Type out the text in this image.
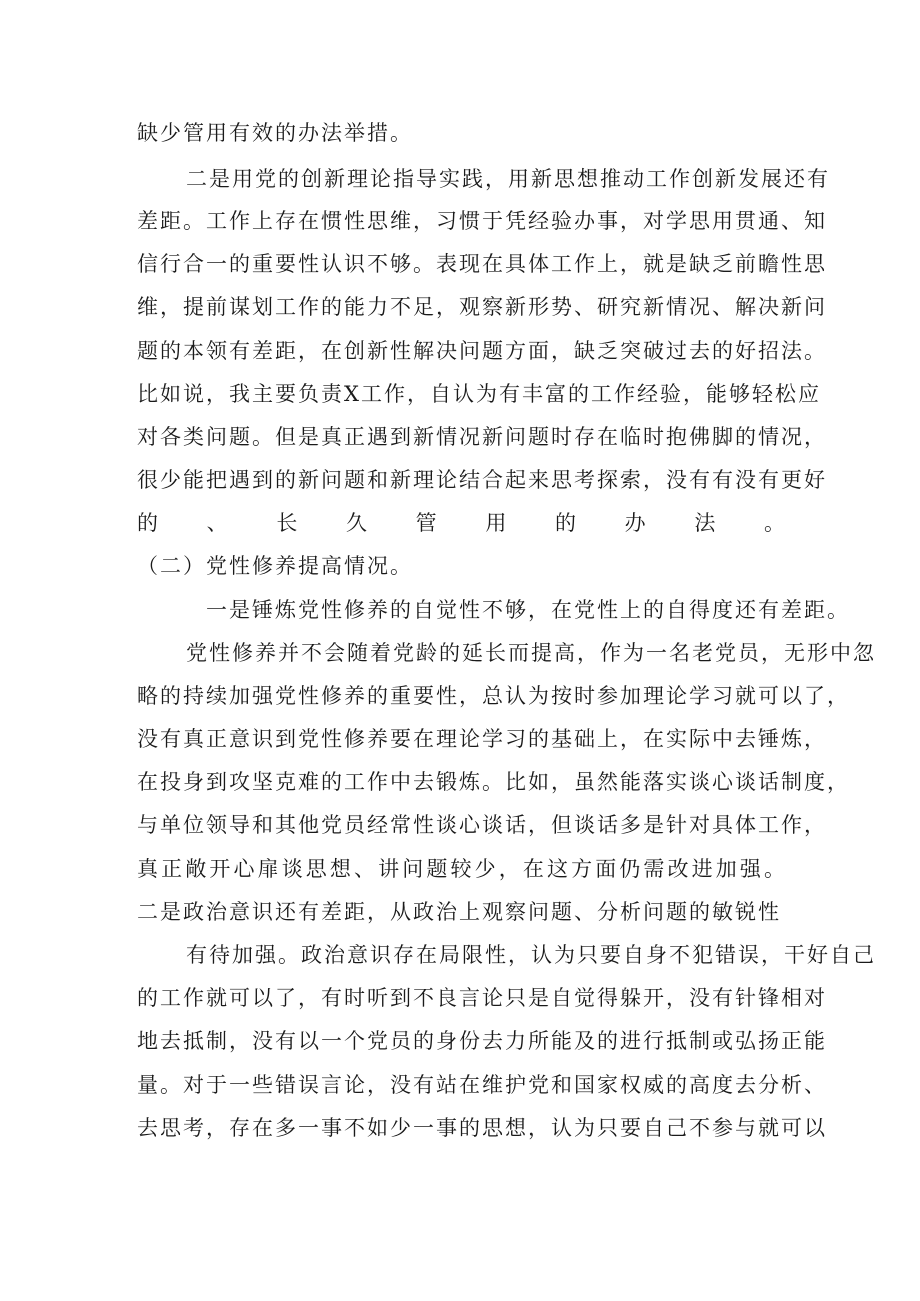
缺少管用有效的办法举措。
二是用党的创新理论指导实践，用新思想推动工作创新发展还有
差距。工作上存在惯性思维，习惯于凭经验办事，对学思用贯通、知
信行合一的重要性认识不够。表现在具体工作上，就是缺乏前瞻性思
维，提前谋划工作的能力不足，观察新形势、研究新情况、解决新问
题的本领有差距，在创新性解决问题方面，缺乏突破过去的好招法。
比如说，我主要负责X工作，自认为有丰富的工作经验，能够轻松应
对各类问题。但是真正遇到新情况新问题时存在临时抱佛脚的情况，
很少能把遇到的新问题和新理论结合起来思考探索，没有有没有更好
的、长久管用的办法。
（二）党性修养提高情况。
一是锤炼党性修养的自觉性不够，在党性上的自得度还有差距。
党性修养并不会随着党龄的延长而提高，作为一名老党员，无形中忽
略的持续加强党性修养的重要性，总认为按时参加理论学习就可以了，
没有真正意识到党性修养要在理论学习的基础上，在实际中去锤炼，
在投身到攻坚克难的工作中去锻炼。比如，虽然能落实谈心谈话制度，
与单位领导和其他党员经常性谈心谈话，但谈话多是针对具体工作，
真正敞开心扉谈思想、讲问题较少，在这方面仍需改进加强。
二是政治意识还有差距，从政治上观察问题、分析问题的敏锐性
有待加强。政治意识存在局限性，认为只要自身不犯错误，干好自己
的工作就可以了，有时听到不良言论只是自觉得躲开，没有针锋相对
地去抵制，没有以一个党员的身份去力所能及的进行抵制或弘扬正能
量。对于一些错误言论，没有站在维护党和国家权威的高度去分析、
去思考，存在多一事不如少一事的思想，认为只要自己不参与就可以
